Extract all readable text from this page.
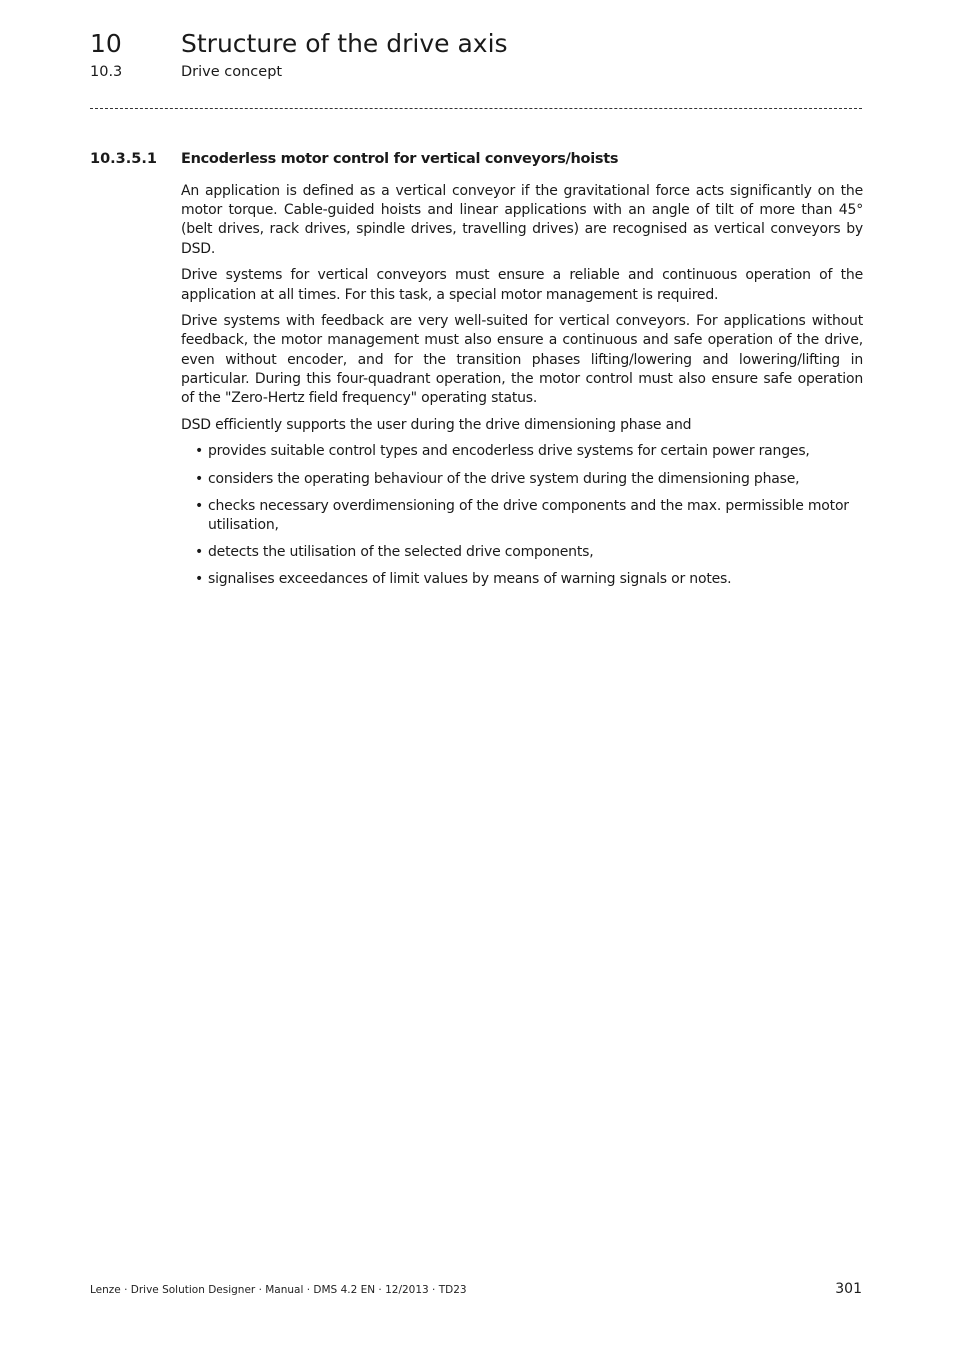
10 Structure of the drive axis
10.3	Drive concept
10.3.5.1 Encoderless motor control for vertical conveyors/hoists

An application is defined as a vertical conveyor if the gravitational force acts significantly on the motor torque. Cable-guided hoists and linear applications with an angle of tilt of more than 45° (belt drives, rack drives, spindle drives, travelling drives) are recognised as vertical conveyors by DSD.

Drive systems for vertical conveyors must ensure a reliable and continuous operation of the application at all times. For this task, a special motor management is required.

Drive systems with feedback are very well-suited for vertical conveyors. For applications without feedback, the motor management must also ensure a continuous and safe operation of the drive, even without encoder, and for the transition phases lifting/lowering and lowering/lifting in particular. During this four-quadrant operation, the motor control must also ensure safe operation of the "Zero-Hertz field frequency" operating status.

DSD efficiently supports the user during the drive dimensioning phase and

• provides suitable control types and encoderless drive systems for certain power ranges,
• considers the operating behaviour of the drive system during the dimensioning phase,
• checks necessary overdimensioning of the drive components and the max. permissible motor utilisation,
• detects the utilisation of the selected drive components,
• signalises exceedances of limit values by means of warning signals or notes.
Lenze · Drive Solution Designer · Manual · DMS 4.2 EN · 12/2013 · TD23	301
